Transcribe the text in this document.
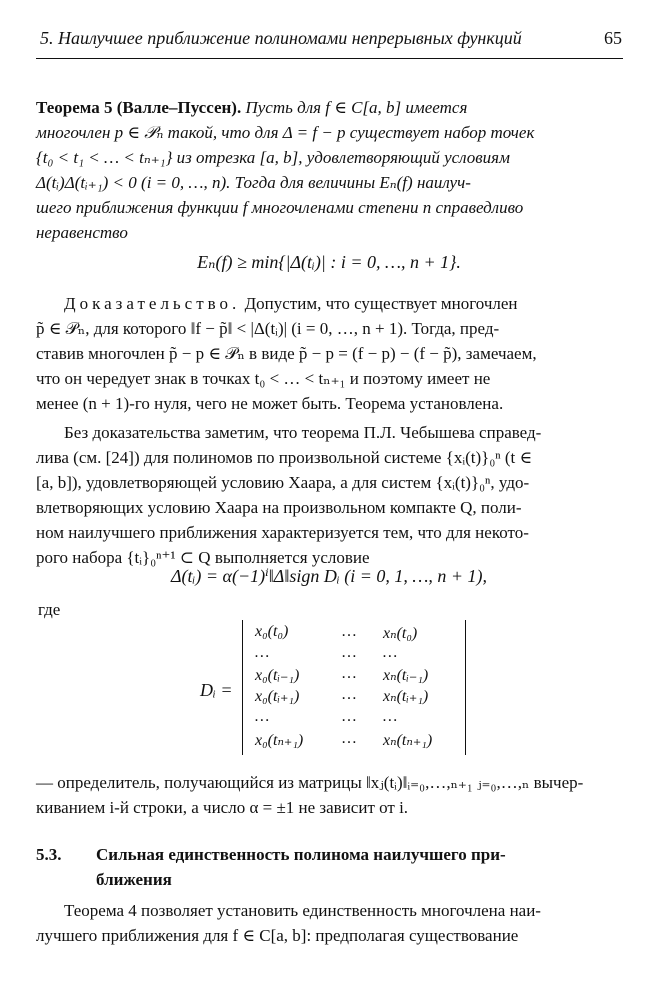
5. Наилучшее приближение полиномами непрерывных функций	65
Теорема 5 (Валле–Пуссен). Пусть для f ∈ C[a, b] имеется
многочлен p ∈ 𝒫ₙ такой, что для Δ = f − p существует набор точек
{t₀ < t₁ < … < tₙ₊₁} из отрезка [a, b], удовлетворяющий условиям
Δ(tᵢ)Δ(tᵢ₊₁) < 0 (i = 0, …, n). Тогда для величины Eₙ(f) наилуч-
шего приближения функции f многочленами степени n справедливо
неравенство
Eₙ(f) ≥ min{|Δ(tᵢ)| : i = 0, …, n + 1}.
Доказательство. Допустим, что существует многочлен
p̃ ∈ 𝒫ₙ, для которого ‖f − p̃‖ < |Δ(tᵢ)| (i = 0, …, n + 1). Тогда, пред-
ставив многочлен p̃ − p ∈ 𝒫ₙ в виде p̃ − p = (f − p) − (f − p̃), замечаем,
что он чередует знак в точках t₀ < … < tₙ₊₁ и поэтому имеет не
менее (n + 1)-го нуля, чего не может быть. Теорема установлена.
Без доказательства заметим, что теорема П.Л. Чебышева справед-
лива (см. [24]) для полиномов по произвольной системе {xᵢ(t)}₀ⁿ (t ∈
[a, b]), удовлетворяющей условию Хаара, а для систем {xᵢ(t)}₀ⁿ, удо-
влетворяющих условию Хаара на произвольном компакте Q, поли-
ном наилучшего приближения характеризуется тем, что для некото-
рого набора {tᵢ}₀ⁿ⁺¹ ⊂ Q выполняется условие
Δ(tᵢ) = α(−1)ⁱ‖Δ‖sign Dᵢ (i = 0, 1, …, n + 1),
где
Dᵢ =
x₀(t₀)	… xₙ(t₀)
…	… …
x₀(tᵢ₋₁)	… xₙ(tᵢ₋₁)
x₀(tᵢ₊₁)	… xₙ(tᵢ₊₁)
…	… …
x₀(tₙ₊₁) … xₙ(tₙ₊₁)
— определитель, получающийся из матрицы ‖xⱼ(tᵢ)‖ᵢ₌₀,…,ₙ₊₁ ⱼ₌₀,…,ₙ вычер-
киванием i-й строки, а число α = ±1 не зависит от i.
5.3. Сильная единственность полинома наилучшего при-
ближения
Теорема 4 позволяет установить единственность многочлена наи-
лучшего приближения для f ∈ C[a, b]: предполагая существование
